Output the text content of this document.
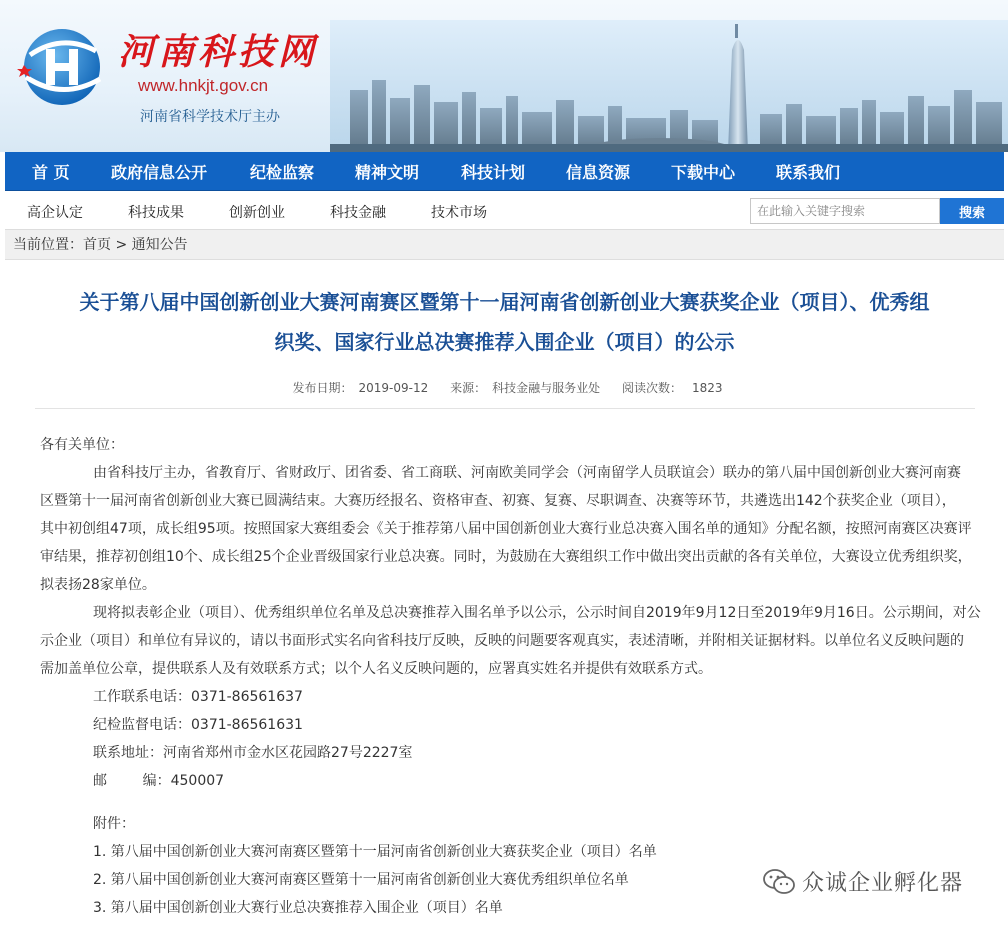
河南科技网
www.hnkjt.gov.cn
河南省科学技术厅主办
首 页	政府信息公开	纪检监察	精神文明	科技计划	信息资源	下载中心	联系我们
高企认定	科技成果	创新创业	科技金融	技术市场
在此输入关键字搜索	搜索
当前位置：首页 > 通知公告
关于第八届中国创新创业大赛河南赛区暨第十一届河南省创新创业大赛获奖企业（项目）、优秀组
织奖、国家行业总决赛推荐入围企业（项目）的公示
发布日期： 2019-09-12 来源： 科技金融与服务业处 阅读次数： 1823
各有关单位：
由省科技厅主办，省教育厅、省财政厅、团省委、省工商联、河南欧美同学会（河南留学人员联谊会）联办的第八届中国创新创业大赛河南赛
区暨第十一届河南省创新创业大赛已圆满结束。大赛历经报名、资格审查、初赛、复赛、尽职调查、决赛等环节，共遴选出142个获奖企业（项目），
其中初创组47项，成长组95项。按照国家大赛组委会《关于推荐第八届中国创新创业大赛行业总决赛入围名单的通知》分配名额，按照河南赛区决赛评
审结果，推荐初创组10个、成长组25个企业晋级国家行业总决赛。同时，为鼓励在大赛组织工作中做出突出贡献的各有关单位，大赛设立优秀组织奖，
拟表扬28家单位。
现将拟表彰企业（项目）、优秀组织单位名单及总决赛推荐入围名单予以公示，公示时间自2019年9月12日至2019年9月16日。公示期间，对公
示企业（项目）和单位有异议的，请以书面形式实名向省科技厅反映，反映的问题要客观真实，表述清晰，并附相关证据材料。以单位名义反映问题的
需加盖单位公章，提供联系人及有效联系方式；以个人名义反映问题的，应署真实姓名并提供有效联系方式。
工作联系电话：0371-86561637
纪检监督电话：0371-86561631
联系地址：河南省郑州市金水区花园路27号2227室
邮        编：450007
附件：
1. 第八届中国创新创业大赛河南赛区暨第十一届河南省创新创业大赛获奖企业（项目）名单
2. 第八届中国创新创业大赛河南赛区暨第十一届河南省创新创业大赛优秀组织单位名单
3. 第八届中国创新创业大赛行业总决赛推荐入围企业（项目）名单
众诚企业孵化器
